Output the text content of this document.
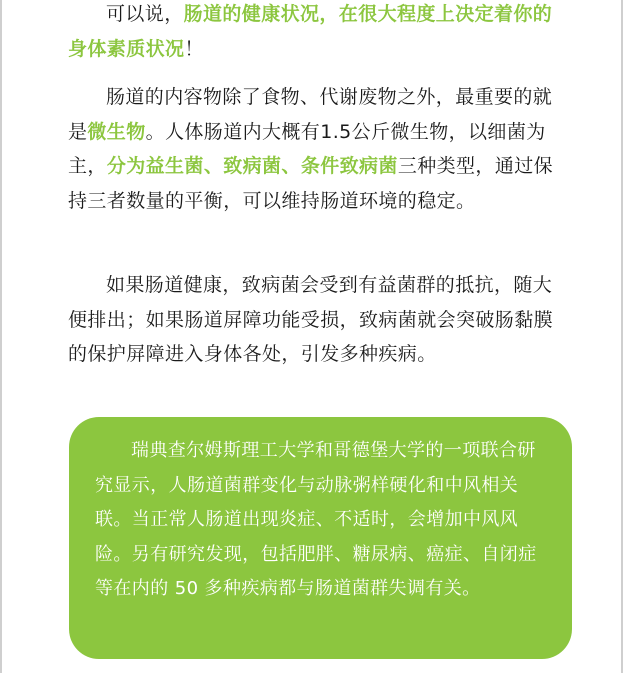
可以说，肠道的健康状况，在很大程度上决定着你的身体素质状况！

肠道的内容物除了食物、代谢废物之外，最重要的就是微生物。人体肠道内大概有1.5公斤微生物，以细菌为主，分为益生菌、致病菌、条件致病菌三种类型，通过保持三者数量的平衡，可以维持肠道环境的稳定。

如果肠道健康，致病菌会受到有益菌群的抵抗，随大便排出；如果肠道屏障功能受损，致病菌就会突破肠黏膜的保护屏障进入身体各处，引发多种疾病。

瑞典查尔姆斯理工大学和哥德堡大学的一项联合研究显示，人肠道菌群变化与动脉粥样硬化和中风相关联。当正常人肠道出现炎症、不适时，会增加中风风险。另有研究发现，包括肥胖、糖尿病、癌症、自闭症等在内的 50 多种疾病都与肠道菌群失调有关。
